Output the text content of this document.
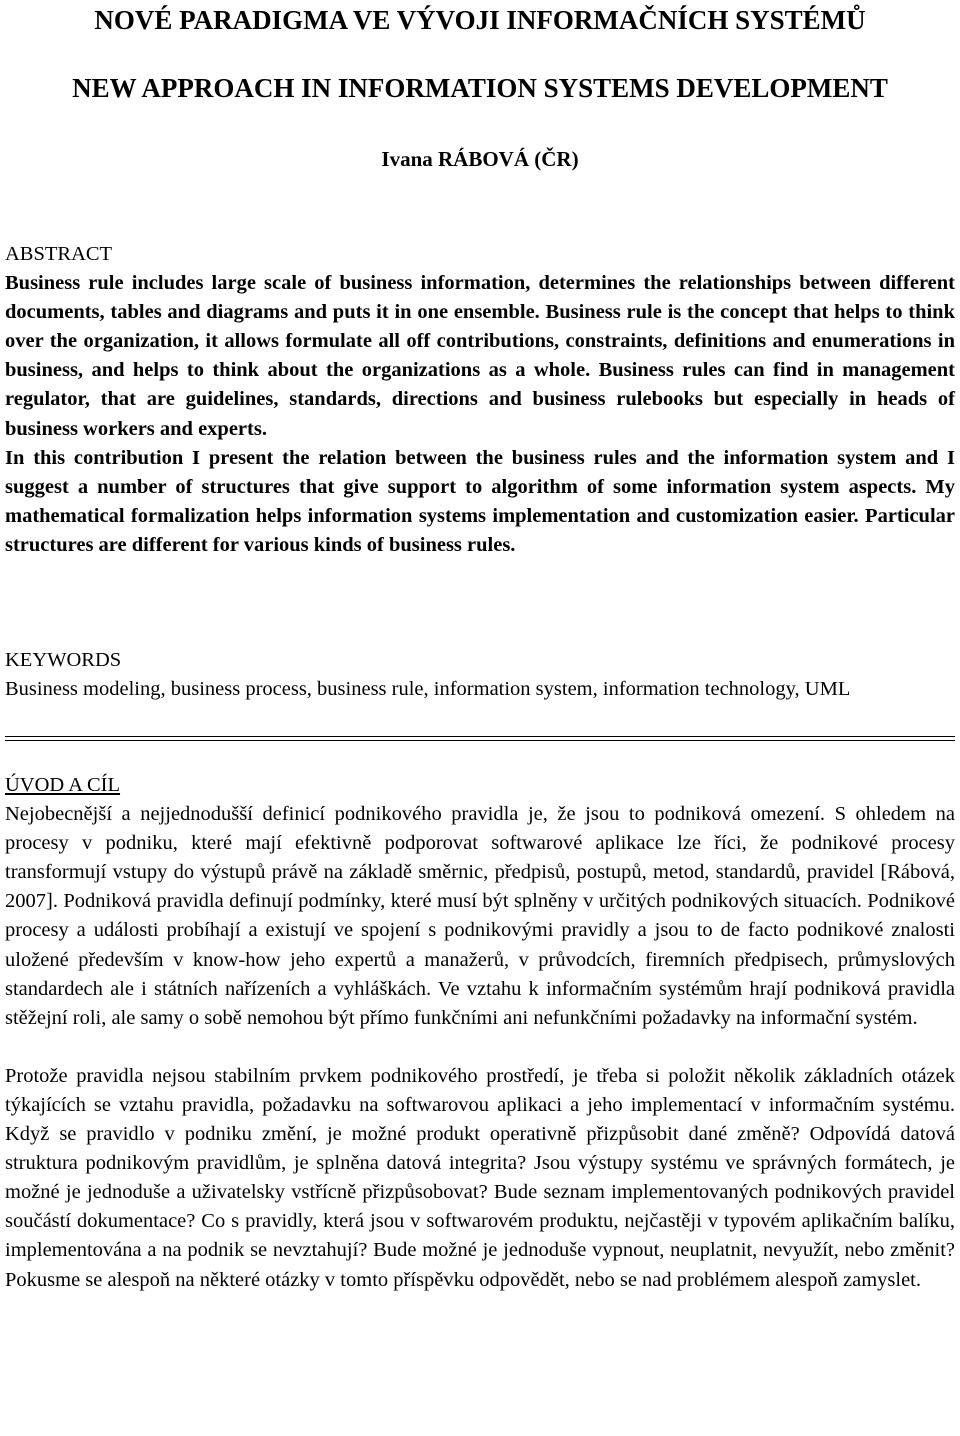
NOVÉ PARADIGMA VE VÝVOJI INFORMAČNÍCH SYSTÉMŮ
NEW APPROACH IN INFORMATION SYSTEMS DEVELOPMENT
Ivana RÁBOVÁ (ČR)
ABSTRACT

Business rule includes large scale of business information, determines the relationships between different documents, tables and diagrams and puts it in one ensemble. Business rule is the concept that helps to think over the organization, it allows formulate all off contributions, constraints, definitions and enumerations in business, and helps to think about the organizations as a whole. Business rules can find in management regulator, that are guidelines, standards, directions and business rulebooks but especially in heads of business workers and experts.

In this contribution I present the relation between the business rules and the information system and I suggest a number of structures that give support to algorithm of some information system aspects. My mathematical formalization helps information systems implementation and customization easier. Particular structures are different for various kinds of business rules.

KEYWORDS

Business modeling, business process, business rule, information system, information technology, UML

ÚVOD A CÍL

Nejobecnější a nejjednodušší definicí podnikového pravidla je, že jsou to podniková omezení. S ohledem na procesy v podniku, které mají efektivně podporovat softwarové aplikace lze říci, že podnikové procesy transformují vstupy do výstupů právě na základě směrnic, předpisů, postupů, metod, standardů, pravidel [Rábová, 2007]. Podniková pravidla definují podmínky, které musí být splněny v určitých podnikových situacích. Podnikové procesy a události probíhají a existují ve spojení s podnikovými pravidly a jsou to de facto podnikové znalosti uložené především v know-how jeho expertů a manažerů, v průvodcích, firemních předpisech, průmyslových standardech ale i státních nařízeních a vyhláškách. Ve vztahu k informačním systémům hrají podniková pravidla stěžejní roli, ale samy o sobě nemohou být přímo funkčními ani nefunkčními požadavky na informační systém.

Protože pravidla nejsou stabilním prvkem podnikového prostředí, je třeba si položit několik základních otázek týkajících se vztahu pravidla, požadavku na softwarovou aplikaci a jeho implementací v informačním systému. Když se pravidlo v podniku změní, je možné produkt operativně přizpůsobit dané změně? Odpovídá datová struktura podnikovým pravidlům, je splněna datová integrita? Jsou výstupy systému ve správných formátech, je možné je jednoduše a uživatelsky vstřícně přizpůsobovat? Bude seznam implementovaných podnikových pravidel součástí dokumentace? Co s pravidly, která jsou v softwarovém produktu, nejčastěji v typovém aplikačním balíku, implementována a na podnik se nevztahují? Bude možné je jednoduše vypnout, neuplatnit, nevyužít, nebo změnit? Pokusme se alespoň na některé otázky v tomto příspěvku odpovědět, nebo se nad problémem alespoň zamyslet.
